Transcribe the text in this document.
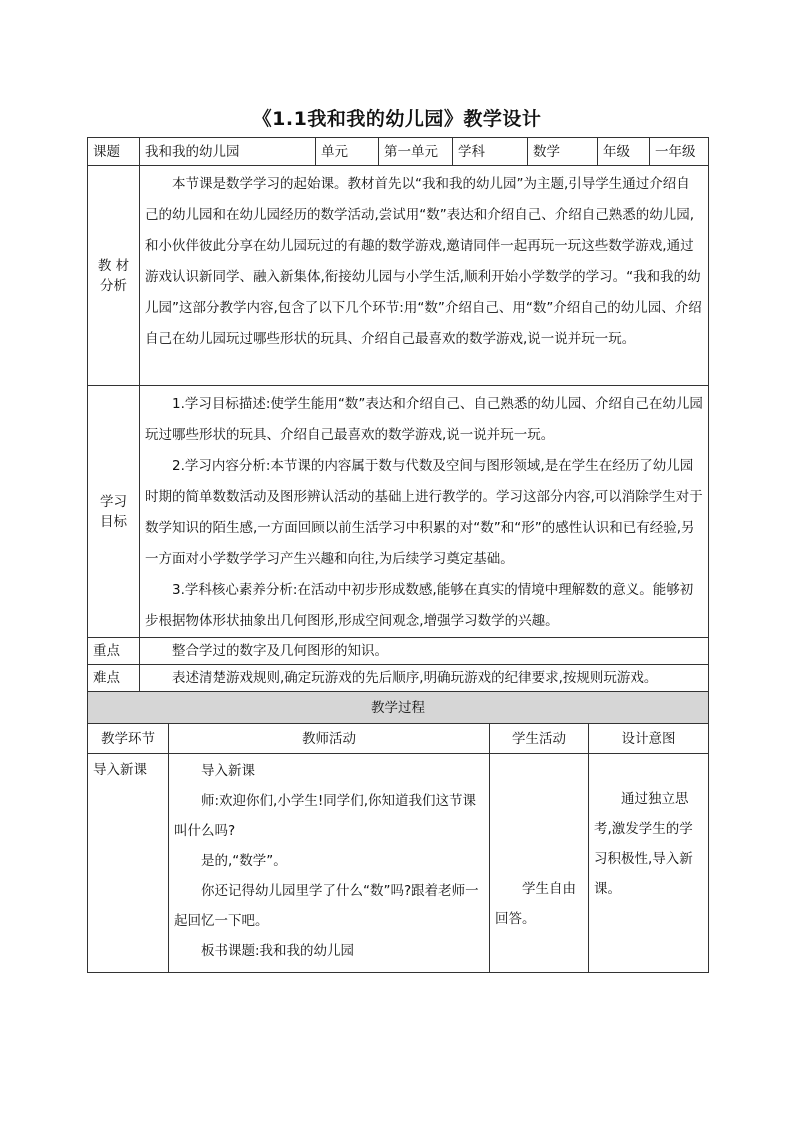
《1.1我和我的幼儿园》教学设计
课题	我和我的幼儿园	单元	第一单元	学科	数学	年级	一年级
教 材 分析	本节课是数学学习的起始课。教材首先以“我和我的幼儿园”为主题,引导学生通过介绍自己的幼儿园和在幼儿园经历的数学活动,尝试用“数”表达和介绍自己、介绍自己熟悉的幼儿园,和小伙伴彼此分享在幼儿园玩过的有趣的数学游戏,邀请同伴一起再玩一玩这些数学游戏,通过游戏认识新同学、融入新集体,衔接幼儿园与小学生活,顺利开始小学数学的学习。“我和我的幼儿园”这部分教学内容,包含了以下几个环节:用“数”介绍自己、用“数”介绍自己的幼儿园、介绍自己在幼儿园玩过哪些形状的玩具、介绍自己最喜欢的数学游戏,说一说并玩一玩。						

学习 目标	1.学习目标描述:使学生能用“数”表达和介绍自己、自己熟悉的幼儿园、介绍自己在幼儿园玩过哪些形状的玩具、介绍自己最喜欢的数学游戏,说一说并玩一玩。

2.学习内容分析:本节课的内容属于数与代数及空间与图形领域,是在学生在经历了幼儿园时期的简单数数活动及图形辨认活动的基础上进行教学的。学习这部分内容,可以消除学生对于数学知识的陌生感,一方面回顾以前生活学习中积累的对“数”和“形”的感性认识和已有经验,另一方面对小学数学学习产生兴趣和向往,为后续学习奠定基础。

3.学科核心素养分析:在活动中初步形成数感,能够在真实的情境中理解数的意义。能够初步根据物体形状抽象出几何图形,形成空间观念,增强学习数学的兴趣。						

重点	整合学过的数字及几何图形的知识。						

难点	表述清楚游戏规则,确定玩游戏的先后顺序,明确玩游戏的纪律要求,按规则玩游戏。						

教学过程			
教学环节	教师活动	学生活动	设计意图
导入新课	导入新课

师:欢迎你们,小学生!同学们,你知道我们这节课叫什么吗?

是的,“数学”。

你还记得幼儿园里学了什么“数”吗?跟着老师一起回忆一下吧。

板书课题:我和我的幼儿园	学生自由回答。	通过独立思考,激发学生的学习积极性,导入新课。
